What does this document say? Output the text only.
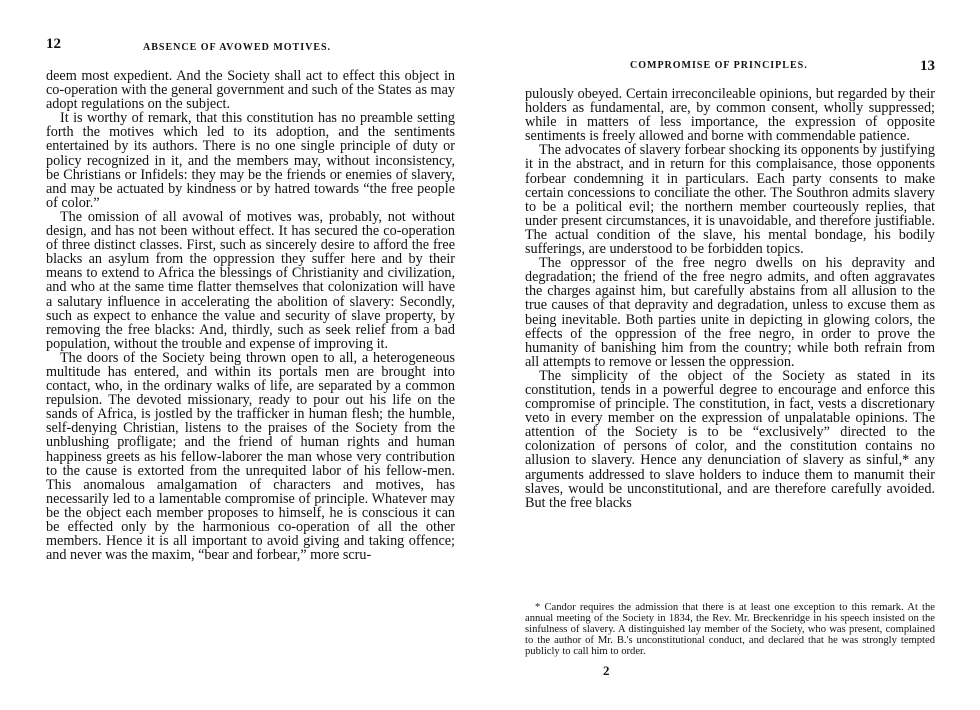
12	ABSENCE OF AVOWED MOTIVES.

deem most expedient. And the Society shall act to effect this object in co-operation with the general government and such of the States as may adopt regulations on the subject.

It is worthy of remark, that this constitution has no preamble setting forth the motives which led to its adoption, and the sentiments entertained by its authors. There is no one single principle of duty or policy recognized in it, and the members may, without inconsistency, be Christians or Infidels: they may be the friends or enemies of slavery, and may be actuated by kindness or by hatred towards “the free people of color.”

The omission of all avowal of motives was, probably, not without design, and has not been without effect. It has secured the co-operation of three distinct classes. First, such as sincerely desire to afford the free blacks an asylum from the oppression they suffer here and by their means to extend to Africa the blessings of Christianity and civilization, and who at the same time flatter themselves that colonization will have a salutary influence in accelerating the abolition of slavery: Secondly, such as expect to enhance the value and security of slave property, by removing the free blacks: And, thirdly, such as seek relief from a bad population, without the trouble and expense of improving it.

The doors of the Society being thrown open to all, a heterogeneous multitude has entered, and within its portals men are brought into contact, who, in the ordinary walks of life, are separated by a common repulsion. The devoted missionary, ready to pour out his life on the sands of Africa, is jostled by the trafficker in human flesh; the humble, self-denying Christian, listens to the praises of the Society from the unblushing profligate; and the friend of human rights and human happiness greets as his fellow-laborer the man whose very contribution to the cause is extorted from the unrequited labor of his fellow-men. This anomalous amalgamation of characters and motives, has necessarily led to a lamentable compromise of principle. Whatever may be the object each member proposes to himself, he is conscious it can be effected only by the harmonious co-operation of all the other members. Hence it is all important to avoid giving and taking offence; and never was the maxim, “bear and forbear,” more scru-

COMPROMISE OF PRINCIPLES.	13

pulously obeyed. Certain irreconcileable opinions, but regarded by their holders as fundamental, are, by common consent, wholly suppressed; while in matters of less importance, the expression of opposite sentiments is freely allowed and borne with commendable patience.

The advocates of slavery forbear shocking its opponents by justifying it in the abstract, and in return for this complaisance, those opponents forbear condemning it in particulars. Each party consents to make certain concessions to conciliate the other. The Southron admits slavery to be a political evil; the northern member courteously replies, that under present circumstances, it is unavoidable, and therefore justifiable. The actual condition of the slave, his mental bondage, his bodily sufferings, are understood to be forbidden topics.

The oppressor of the free negro dwells on his depravity and degradation; the friend of the free negro admits, and often aggravates the charges against him, but carefully abstains from all allusion to the true causes of that depravity and degradation, unless to excuse them as being inevitable. Both parties unite in depicting in glowing colors, the effects of the oppression of the free negro, in order to prove the humanity of banishing him from the country; while both refrain from all attempts to remove or lessen the oppression.

The simplicity of the object of the Society as stated in its constitution, tends in a powerful degree to encourage and enforce this compromise of principle. The constitution, in fact, vests a discretionary veto in every member on the expression of unpalatable opinions. The attention of the Society is to be “exclusively” directed to the colonization of persons of color, and the constitution contains no allusion to slavery. Hence any denunciation of slavery as sinful,* any arguments addressed to slave holders to induce them to manumit their slaves, would be unconstitutional, and are therefore carefully avoided. But the free blacks

* Candor requires the admission that there is at least one exception to this remark. At the annual meeting of the Society in 1834, the Rev. Mr. Breckenridge in his speech insisted on the sinfulness of slavery. A distinguished lay member of the Society, who was present, complained to the author of Mr. B.'s unconstitutional conduct, and declared that he was strongly tempted publicly to call him to order.

2
